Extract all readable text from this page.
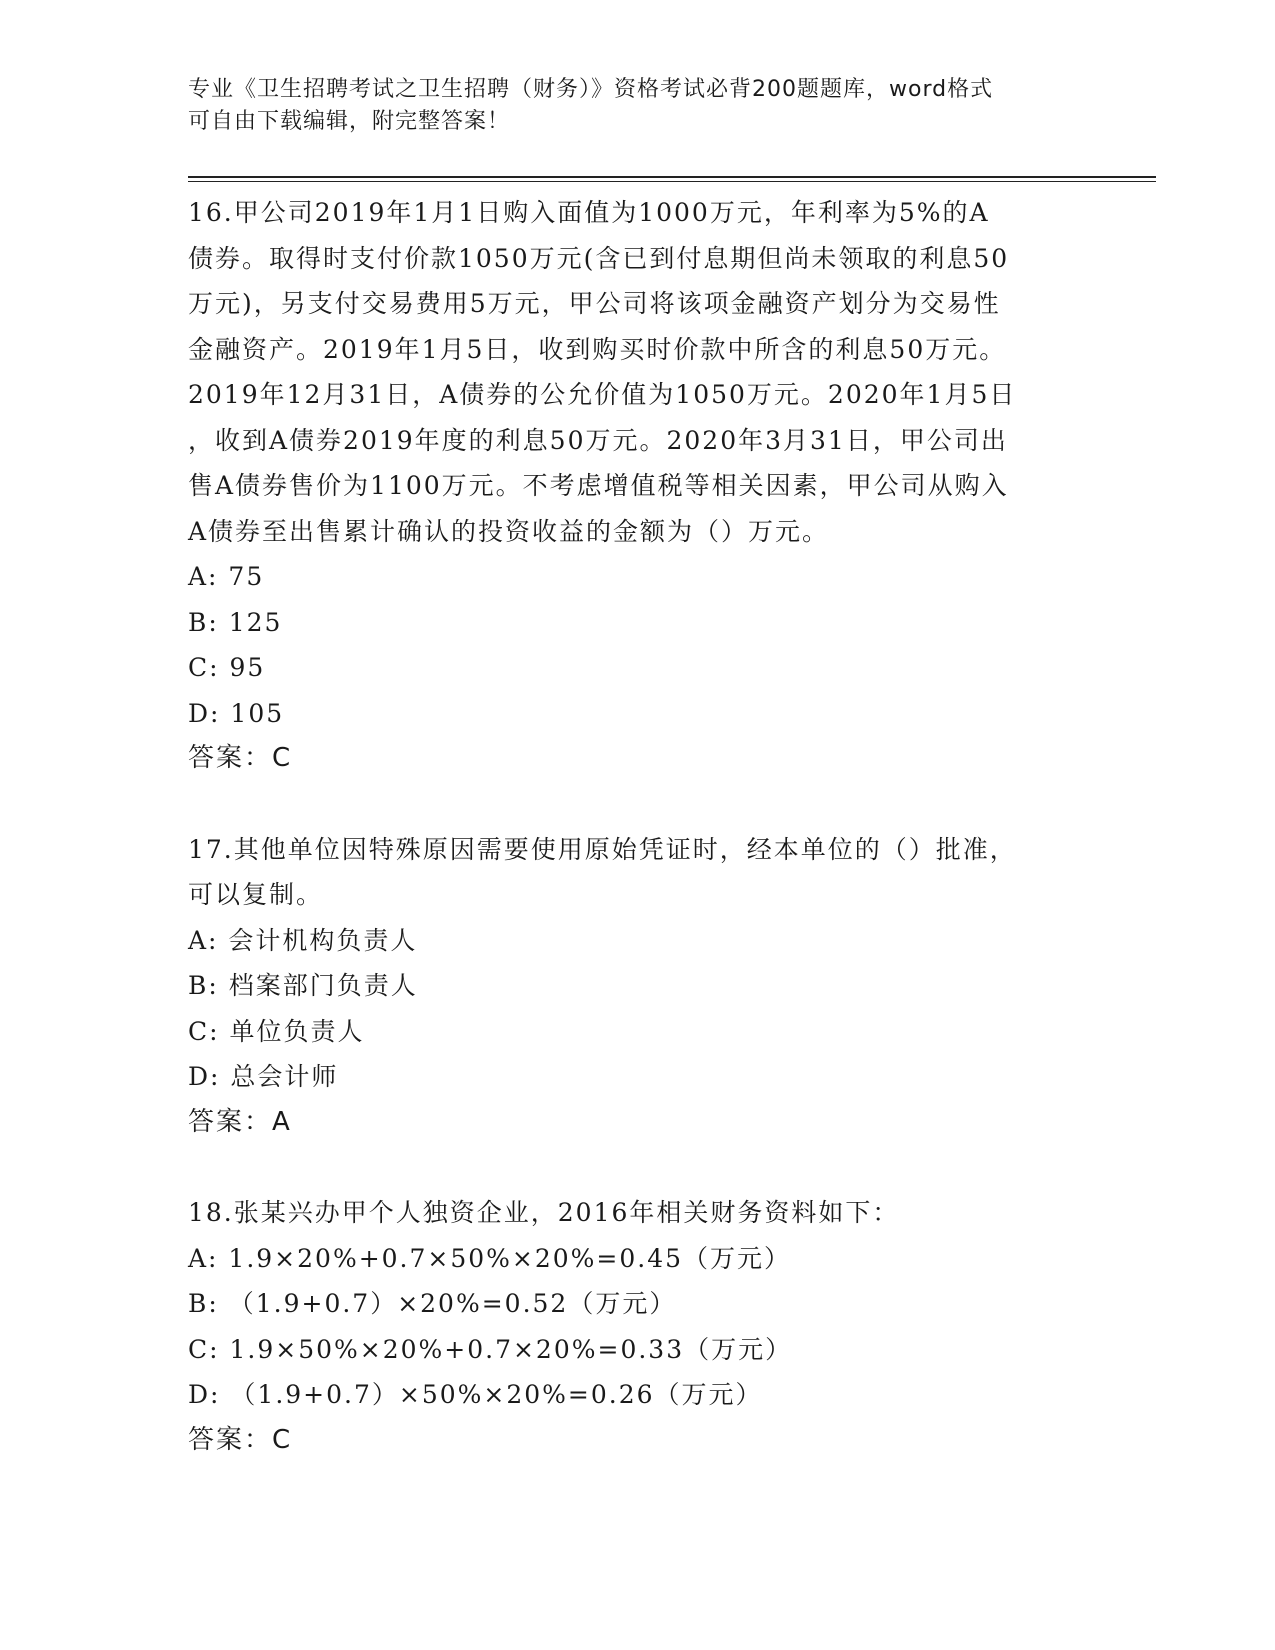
专业《卫生招聘考试之卫生招聘（财务）》资格考试必背200题题库，word格式
可自由下载编辑，附完整答案！
16.甲公司2019年1月1日购入面值为1000万元，年利率为5%的A
债券。取得时支付价款1050万元(含已到付息期但尚未领取的利息50
万元)，另支付交易费用5万元，甲公司将该项金融资产划分为交易性
金融资产。2019年1月5日，收到购买时价款中所含的利息50万元。
2019年12月31日，A债券的公允价值为1050万元。2020年1月5日
，收到A债券2019年度的利息50万元。2020年3月31日，甲公司出
售A债券售价为1100万元。不考虑增值税等相关因素，甲公司从购入
A债券至出售累计确认的投资收益的金额为（）万元。
A: 75
B: 125
C: 95
D: 105
答案：C
17.其他单位因特殊原因需要使用原始凭证时，经本单位的（）批准，
可以复制。
A: 会计机构负责人
B: 档案部门负责人
C: 单位负责人
D: 总会计师
答案：A
18.张某兴办甲个人独资企业，2016年相关财务资料如下：
A: 1.9×20%+0.7×50%×20%=0.45（万元）
B: （1.9+0.7）×20%=0.52（万元）
C: 1.9×50%×20%+0.7×20%=0.33（万元）
D: （1.9+0.7）×50%×20%=0.26（万元）
答案：C
